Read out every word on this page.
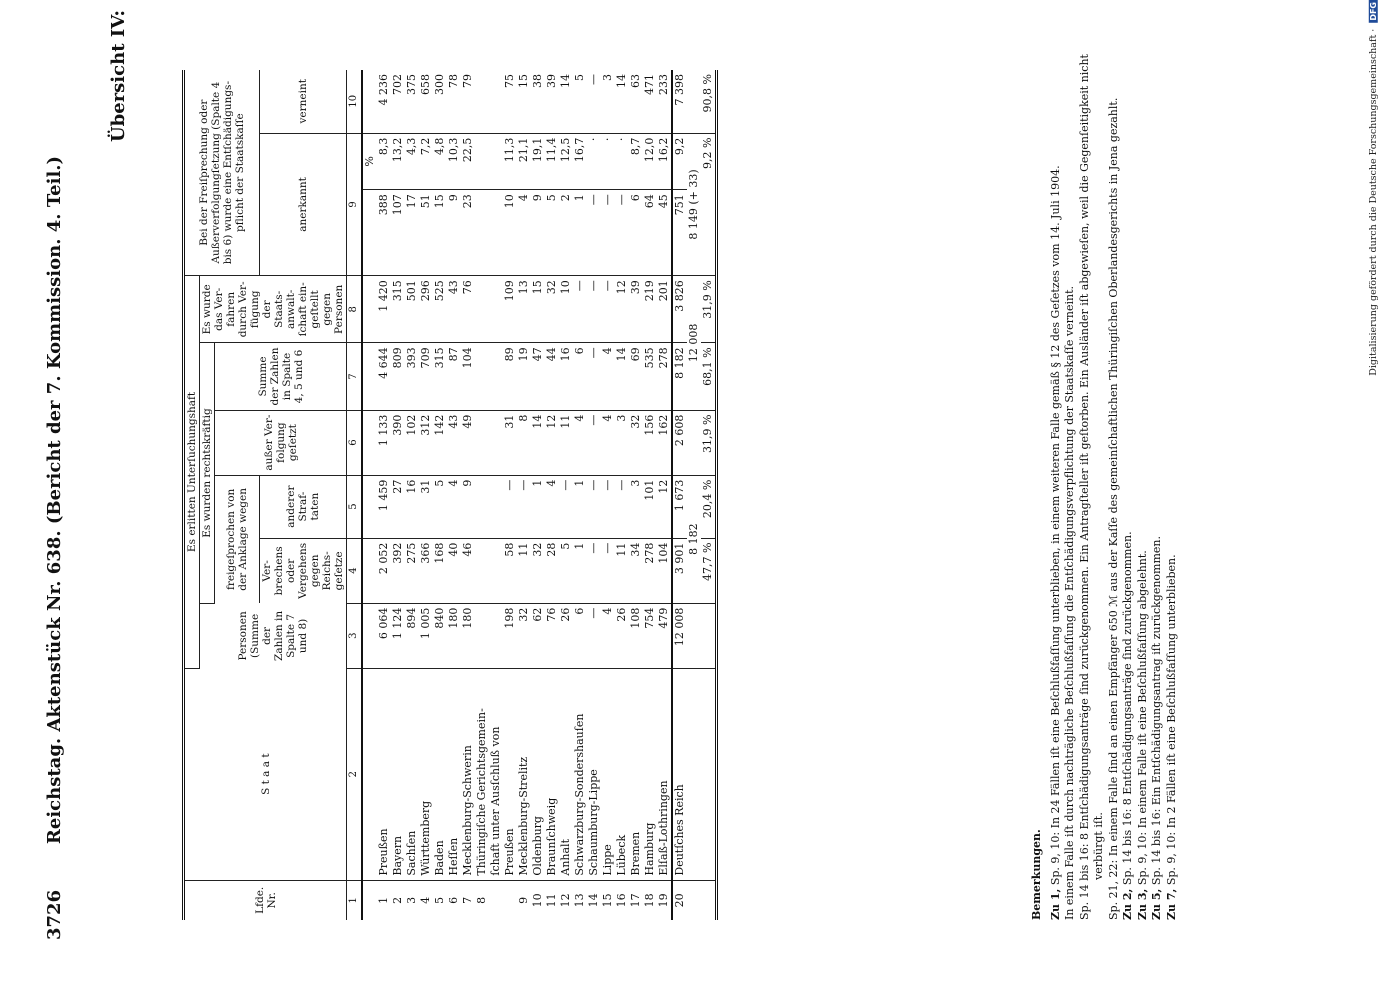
3726
Reichstag. Aktenstück Nr. 638. (Bericht der 7. Kommission. 4. Teil.)
Übersicht IV:
Lfde. Nr.	S t a a t	Es erlitten Unterſuchungshaft						Bei der Freiſprechung oder Außerverfolgungſetzung (Spalte 4 bis 6) wurde eine Entſchädigungs-pflicht der Staatskaſſe		
		Personen (Summe der Zahlen in Spalte 7 und 8)	Es wurden rechtskräftig				Es wurde das Ver-fahren durch Ver-fügung der Staats-anwalt-ſchaft ein-geſtellt gegen Personen			
			freigeſprochen von der Anklage wegen		außer Ver-folgung geſetzt	Summe der Zahlen in Spalte 4, 5 und 6				
			Ver-brechens oder Vergehens gegen Reichs-geſetze	anderer Straf-taten				anerkannt		verneint
1	2	3	4	5	6	7	8	9		10
									%	
1	Preußen	6 064	2 052	1 459	1 133	4 644	1 420	388	8,3	4 236
2	Bayern	1 124	392	27	390	809	315	107	13,2	702
3	Sachſen	894	275	16	102	393	501	17	4,3	375
4	Württemberg	1 005	366	31	312	709	296	51	7,2	658
5	Baden	840	168	5	142	315	525	15	4,8	300
6	Heſſen	180	40	4	43	87	43	9	10,3	78
7	Mecklenburg-Schwerin	180	46	9	49	104	76	23	22,5	79
8	Thüringiſche Gerichtsgemein-									
	ſchaft unter Ausſchluß von									
	Preußen	198	58	—	31	89	109	10	11,3	75
9	Mecklenburg-Strelitz	32	11	—	8	19	13	4	21,1	15
10	Oldenburg	62	32	1	14	47	15	9	19,1	38
11	Braunſchweig	76	28	4	12	44	32	5	11,4	39
12	Anhalt	26	5	—	11	16	10	2	12,5	14
13	Schwarzburg-Sondershauſen	6	1	1	4	6	—	1	16,7	5
14	Schaumburg-Lippe	—	—	—	—	—	—	—	·	—
15	Lippe	4	—	—	4	4	—	—	·	3
16	Lübeck	26	11	—	3	14	12	—	·	14
17	Bremen	108	34	3	32	69	39	6	8,7	63
18	Hamburg	754	278	101	156	535	219	64	12,0	471
19	Elſaß-Lothringen	479	104	12	162	278	201	45	16,2	233
20	Deutſches Reich	12 008	3 901	1 673	2 608	8 182	3 826	751	9,2	7 398
			8 182			12 008		8 149 (+ 33)		
			47,7 %	20,4 %	31,9 %	68,1 %	31,9 %	9,2 %		90,8 %
Bemerkungen. Zu 1, Sp. 9, 10: In 24 Fällen iſt eine Beſchlußfaſſung unterblieben, in einem weiteren Falle gemäß § 12 des Geſetzes vom 14. Juli 1904. In einem Falle iſt durch nachträgliche Beſchlußfaſſung die Entſchädigungsverpflichtung der Staatskaſſe verneint. Sp. 14 bis 16: 8 Entſchädigungsanträge ſind zurückgenommen. Ein Antragſteller iſt geſtorben. Ein Ausländer iſt abgewieſen, weil die Gegenſeitigkeit nicht verbürgt iſt. Sp. 21, 22: In einem Falle ſind an einen Empfänger 650 ℳ aus der Kaſſe des gemeinſchaftlichen Thüringiſchen Oberlandesgerichts in Jena gezahlt. Zu 2, Sp. 14 bis 16: 8 Entſchädigungsanträge ſind zurückgenommen.
Zu 3, Sp. 9, 10: In einem Falle iſt eine Beſchlußfaſſung abgelehnt.
Zu 5, Sp. 14 bis 16: Ein Entſchädigungsantrag iſt zurückgenommen.
Zu 7, Sp. 9, 10: In 2 Fällen iſt eine Beſchlußfaſſung unterblieben.
Digitalisierung gefördert durch die Deutsche Forschungsgemeinschaft ·DFG
